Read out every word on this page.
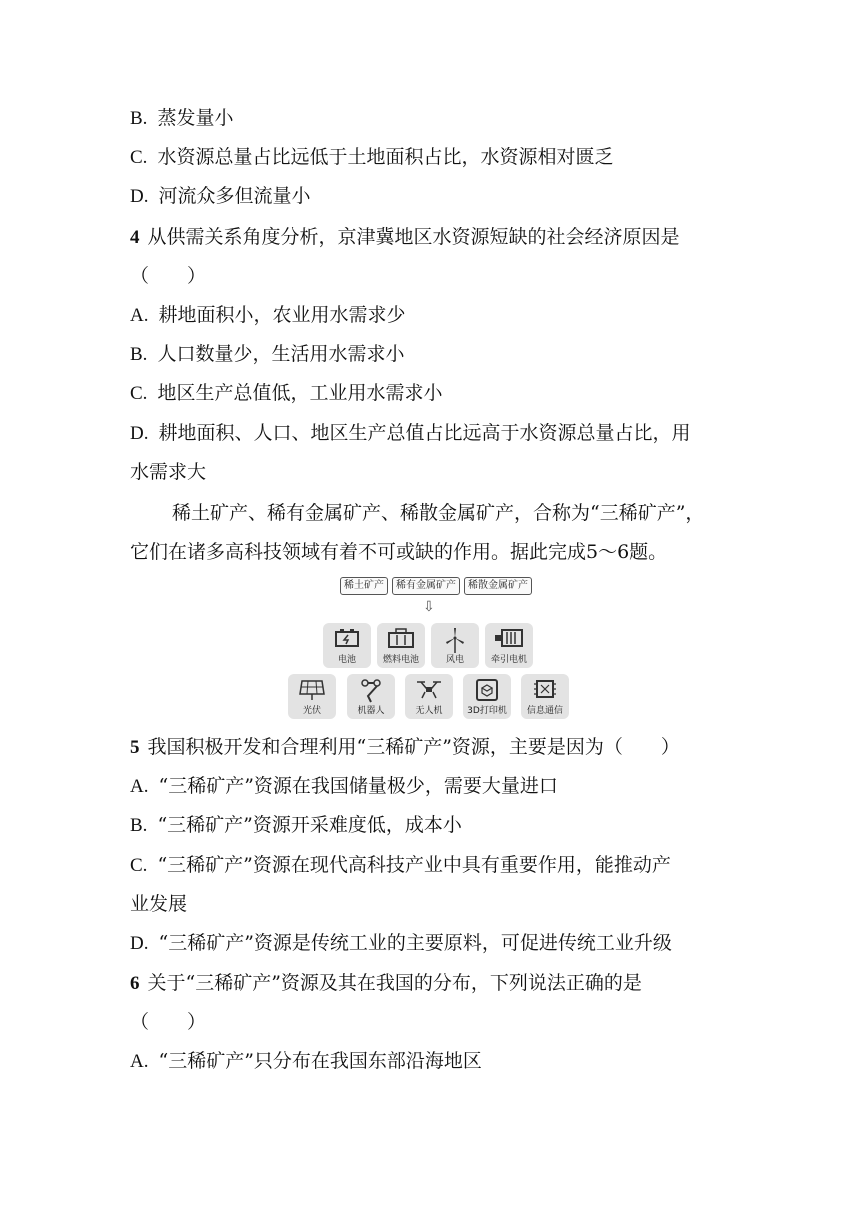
B. 蒸发量小

C. 水资源总量占比远低于土地面积占比，水资源相对匮乏

D. 河流众多但流量小

4 从供需关系角度分析，京津冀地区水资源短缺的社会经济原因是

（　　）

A. 耕地面积小，农业用水需求少

B. 人口数量少，生活用水需求小

C. 地区生产总值低，工业用水需求小

D. 耕地面积、人口、地区生产总值占比远高于水资源总量占比，用

水需求大

稀土矿产、稀有金属矿产、稀散金属矿产，合称为“三稀矿产”，

它们在诸多高科技领域有着不可或缺的作用。据此完成5～6题。

稀土矿产	稀有金属矿产	稀散金属矿产
⇩
电池	燃料电池	风电	牵引电机
光伏	机器人	无人机	3D打印机	信息通信

5 我国积极开发和合理利用“三稀矿产”资源，主要是因为（　　）

A. “三稀矿产”资源在我国储量极少，需要大量进口

B. “三稀矿产”资源开采难度低，成本小

C. “三稀矿产”资源在现代高科技产业中具有重要作用，能推动产

业发展

D. “三稀矿产”资源是传统工业的主要原料，可促进传统工业升级

6 关于“三稀矿产”资源及其在我国的分布，下列说法正确的是

（　　）

A. “三稀矿产”只分布在我国东部沿海地区
